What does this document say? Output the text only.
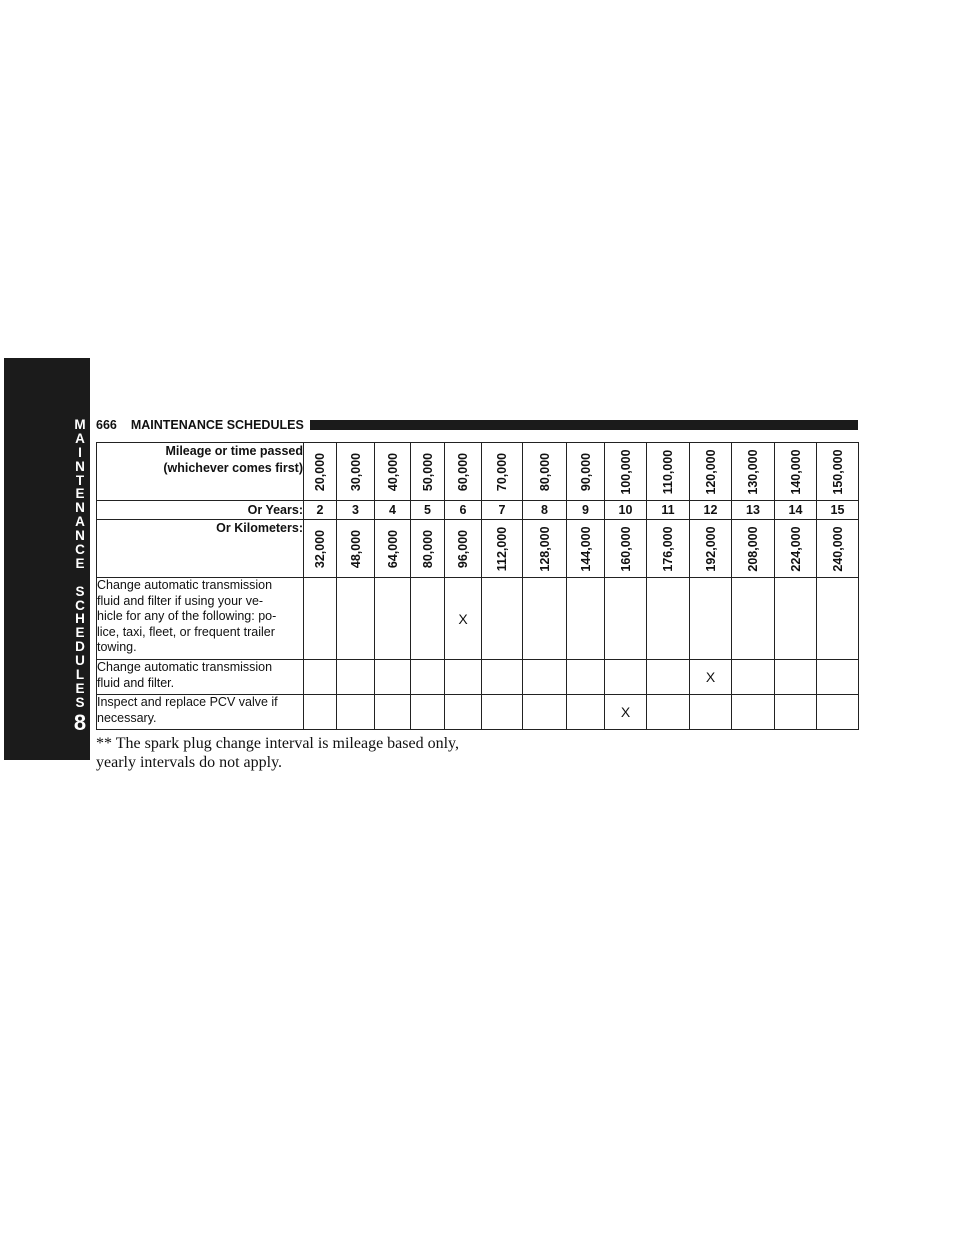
M
A
I
N
T
E
N
A
N
C
E
S
C
H
E
D
U
L
E
S
8
666 MAINTENANCE SCHEDULES
Mileage or time passed
(whichever comes first)	20,000	30,000	40,000	50,000	60,000	70,000	80,000	90,000	100,000	110,000	120,000	130,000	140,000	150,000

Or Years:	2	3	4	5	6	7	8	9	10	11	12	13	14	15
Or Kilometers:	32,000	48,000	64,000	80,000	96,000	112,000	128,000	144,000	160,000	176,000	192,000	208,000	224,000	240,000

Change automatic transmission
fluid and filter if using your ve-
hicle for any of the following: po-
lice, taxi, fleet, or frequent trailer
towing.					X									
Change automatic transmission
fluid and filter.											X			
Inspect and replace PCV valve if
necessary.									X					
** The spark plug change interval is mileage based only,
yearly intervals do not apply.
